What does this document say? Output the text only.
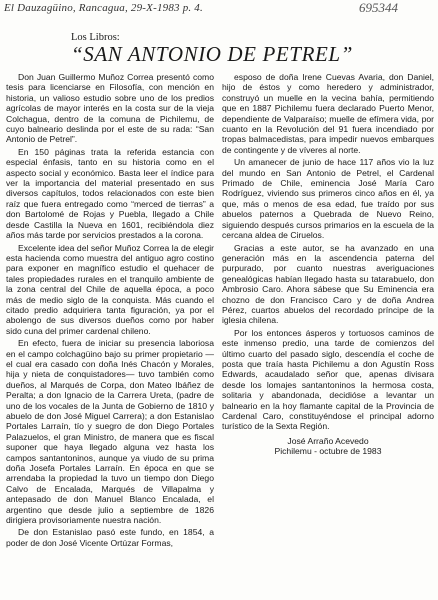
El Dauzagüino, Rancagua, 29-X-1983 p. 4.	695344
Los Libros:
“SAN ANTONIO DE PETREL”

Don Juan Guillermo Muñoz Correa presentó como tesis para licenciarse en Filosofía, con mención en historia, un valioso estudio sobre uno de los predios agrícolas de mayor interés en la costa sur de la vieja Colchagua, dentro de la comuna de Pichilemu, de cuyo balneario deslinda por el este de su rada: “San Antonio de Petrel”.

En 150 páginas trata la referida estancia con especial énfasis, tanto en su historia como en el aspecto social y económico. Basta leer el índice para ver la importancia del material presentado en sus diversos capítulos, todos relacionados con este bien raíz que fuera entregado como “merced de tierras” a don Bartolomé de Rojas y Puebla, llegado a Chile desde Castilla la Nueva en 1601, recibiéndola diez años más tarde por servicios prestados a la corona.

Excelente idea del señor Muñoz Correa la de elegir esta hacienda como muestra del antiguo agro costino para exponer en magnífico estudio el quehacer de tales propiedades rurales en el tranquilo ambiente de la zona central del Chile de aquella época, a poco más de medio siglo de la conquista. Más cuando el citado predio adquiriera tanta figuración, ya por el abolengo de sus diversos dueños como por haber sido cuna del primer cardenal chileno.

En efecto, fuera de iniciar su presencia laboriosa en el campo colchagüino bajo su primer propietario —el cual era casado con doña Inés Chacón y Morales, hija y nieta de conquistadores— tuvo también como dueños, al Marqués de Corpa, don Mateo Ibáñez de Peralta; a don Ignacio de la Carrera Ureta, (padre de uno de los vocales de la Junta de Gobierno de 1810 y abuelo de don José Miguel Carrera); a don Estanislao Portales Larraín, tío y suegro de don Diego Portales Palazuelos, el gran Ministro, de manera que es fiscal suponer que haya llegado alguna vez hasta los campos santantoninos, aunque ya viudo de su prima doña Josefa Portales Larraín. En época en que se arrendaba la propiedad la tuvo un tiempo don Diego Calvo de Encalada, Marqués de Villapalma y antepasado de don Manuel Blanco Encalada, el argentino que desde julio a septiembre de 1826 dirigiera provisoriamente nuestra nación.

De don Estanislao pasó este fundo, en 1854, a poder de don José Vicente Ortúzar Formas,

esposo de doña Irene Cuevas Avaria, don Daniel, hijo de éstos y como heredero y administrador, construyó un muelle en la vecina bahía, permitiendo que en 1887 Pichilemu fuera declarado Puerto Menor, dependiente de Valparaíso; muelle de efímera vida, por cuanto en la Revolución del 91 fuera incendiado por tropas balmacedistas, para impedir nuevos embarques de contingente y de víveres al norte.

Un amanecer de junio de hace 117 años vio la luz del mundo en San Antonio de Petrel, el Cardenal Primado de Chile, eminencia José María Caro Rodríguez, viviendo sus primeros cinco años en él, ya que, más o menos de esa edad, fue traído por sus abuelos paternos a Quebrada de Nuevo Reino, siguiendo después cursos primarios en la escuela de la cercana aldea de Ciruelos.

Gracias a este autor, se ha avanzado en una generación más en la ascendencia paterna del purpurado, por cuanto nuestras averiguaciones genealógicas habían llegado hasta su tatarabuelo, don Ambrosio Caro. Ahora sábese que Su Eminencia era chozno de don Francisco Caro y de doña Andrea Pérez, cuartos abuelos del recordado príncipe de la iglesia chilena.

Por los entonces ásperos y tortuosos caminos de este inmenso predio, una tarde de comienzos del último cuarto del pasado siglo, descendía el coche de posta que traía hasta Pichilemu a don Agustín Ross Edwards, acaudalado señor que, apenas divisara desde los lomajes santantoninos la hermosa costa, solitaria y abandonada, decidióse a levantar un balneario en la hoy flamante capital de la Provincia de Cardenal Caro, constituyéndose el principal adorno turístico de la Sexta Región.

José Arraño Acevedo
Pichilemu - octubre de 1983
